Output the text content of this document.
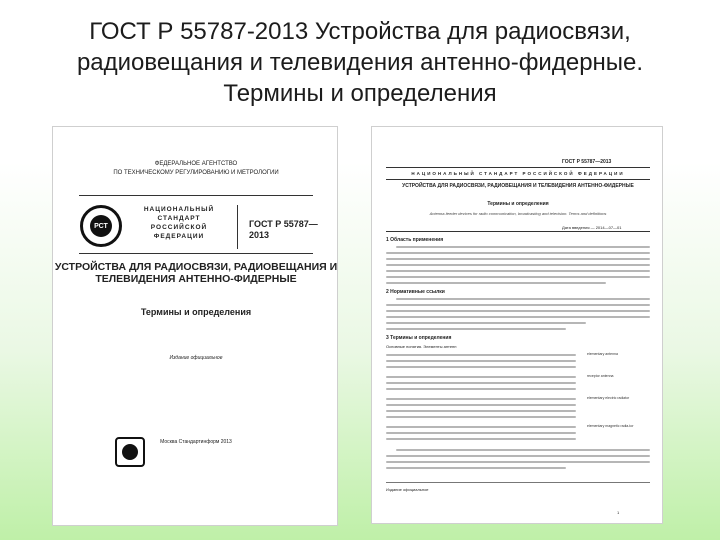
ГОСТ Р 55787-2013 Устройства для радиосвязи,
радиовещания и телевидения антенно-фидерные.
Термины и определения
ФЕДЕРАЛЬНОЕ АГЕНТСТВО
ПО ТЕХНИЧЕСКОМУ РЕГУЛИРОВАНИЮ И МЕТРОЛОГИИ
РСТ
НАЦИОНАЛЬНЫЙ СТАНДАРТ РОССИЙСКОЙ ФЕДЕРАЦИИ
ГОСТ Р 55787— 2013
УСТРОЙСТВА ДЛЯ РАДИОСВЯЗИ, РАДИОВЕЩАНИЯ И ТЕЛЕВИДЕНИЯ АНТЕННО-ФИДЕРНЫЕ
Термины и определения
Издание официальное
Москва Стандартинформ 2013
ГОСТ Р 55787—2013
НАЦИОНАЛЬНЫЙ СТАНДАРТ РОССИЙСКОЙ ФЕДЕРАЦИИ
УСТРОЙСТВА ДЛЯ РАДИОСВЯЗИ, РАДИОВЕЩАНИЯ И ТЕЛЕВИДЕНИЯ АНТЕННО-ФИДЕРНЫЕ
Термины и определения
Antenna-feeder devices for radio communication, broadcasting and television. Terms and definitions
Дата введения — 2014—07—01
1 Область применения
2 Нормативные ссылки
3 Термины и определения
Основные понятия. Элементы антенн
elementary antenna
receptor antenna
elementary electric radiator
elementary magnetic radia-tor
Издание официальное
1
